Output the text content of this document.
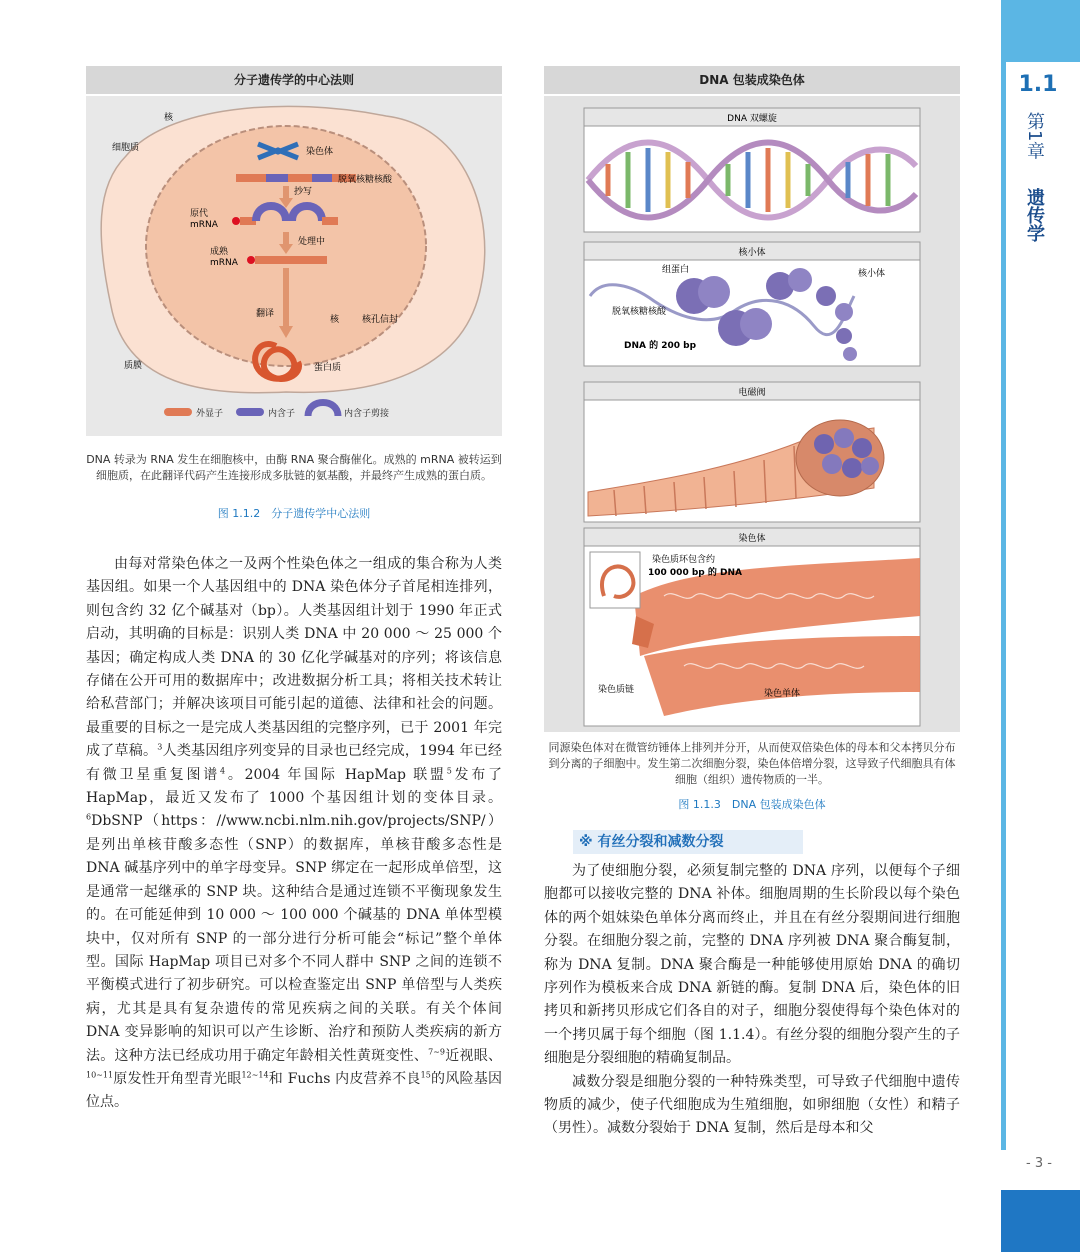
1.1
第1章
遗传学
- 3 -
分子遗传学的中心法则
外显子	内含子	内含子剪接
核
细胞质	染色体
脱氧核糖核酸
抄写
原代 mRNA
处理中
成熟 mRNA
翻译
核	核孔信封
质膜	蛋白质
DNA 转录为 RNA 发生在细胞核中，由酶 RNA 聚合酶催化。成熟的 mRNA 被转运到细胞质，在此翻译代码产生连接形成多肽链的氨基酸，并最终产生成熟的蛋白质。
图 1.1.2　分子遗传学中心法则
DNA 包装成染色体
DNA 双螺旋
核小体
组蛋白	核小体
脱氧核糖核酸
DNA 的 200 bp
电磁阀
染色体
染色质环包含约
100 000 bp 的 DNA
染色质链	染色单体
同源染色体对在微管纺锤体上排列并分开，从而使双倍染色体的母本和父本拷贝分布到分离的子细胞中。发生第二次细胞分裂，染色体倍增分裂，这导致子代细胞具有体细胞（组织）遗传物质的一半。
图 1.1.3　DNA 包装成染色体

由每对常染色体之一及两个性染色体之一组成的集合称为人类基因组。如果一个人基因组中的 DNA 染色体分子首尾相连排列，则包含约 32 亿个碱基对（bp）。人类基因组计划于 1990 年正式启动，其明确的目标是：识别人类 DNA 中 20 000 ～ 25 000 个基因；确定构成人类 DNA 的 30 亿化学碱基对的序列；将该信息存储在公开可用的数据库中；改进数据分析工具；将相关技术转让给私营部门；并解决该项目可能引起的道德、法律和社会的问题。最重要的目标之一是完成人类基因组的完整序列，已于 2001 年完成了草稿。$^3$人类基因组序列变异的目录也已经完成，1994 年已经有微卫星重复图谱$^4$。2004 年国际 HapMap 联盟$^5$发布了 HapMap，最近又发布了 1000 个基因组计划的变体目录。$^6$DbSNP（https：//www.ncbi.nlm.nih.gov/projects/SNP/）是列出单核苷酸多态性（SNP）的数据库，单核苷酸多态性是 DNA 碱基序列中的单字母变异。SNP 绑定在一起形成单倍型，这是通常一起继承的 SNP 块。这种结合是通过连锁不平衡现象发生的。在可能延伸到 10 000 ～ 100 000 个碱基的 DNA 单体型模块中，仅对所有 SNP 的一部分进行分析可能会“标记”整个单体型。国际 HapMap 项目已对多个不同人群中 SNP 之间的连锁不平衡模式进行了初步研究。可以检查鉴定出 SNP 单倍型与人类疾病，尤其是具有复杂遗传的常见疾病之间的关联。有关个体间 DNA 变异影响的知识可以产生诊断、治疗和预防人类疾病的新方法。这种方法已经成功用于确定年龄相关性黄斑变性、$^{7\sim 9}$近视眼、$^{10\sim 11}$原发性开角型青光眼$^{12\sim 14}$和 Fuchs 内皮营养不良$^{15}$的风险基因位点。

※ 有丝分裂和减数分裂

为了使细胞分裂，必须复制完整的 DNA 序列，以便每个子细胞都可以接收完整的 DNA 补体。细胞周期的生长阶段以每个染色体的两个姐妹染色单体分离而终止，并且在有丝分裂期间进行细胞分裂。在细胞分裂之前，完整的 DNA 序列被 DNA 聚合酶复制，称为 DNA 复制。DNA 聚合酶是一种能够使用原始 DNA 的确切序列作为模板来合成 DNA 新链的酶。复制 DNA 后，染色体的旧拷贝和新拷贝形成它们各自的对子，细胞分裂使得每个染色体对的一个拷贝属于每个细胞（图 1.1.4）。有丝分裂的细胞分裂产生的子细胞是分裂细胞的精确复制品。

减数分裂是细胞分裂的一种特殊类型，可导致子代细胞中遗传物质的减少，使子代细胞成为生殖细胞，如卵细胞（女性）和精子（男性）。减数分裂始于 DNA 复制，然后是母本和父
